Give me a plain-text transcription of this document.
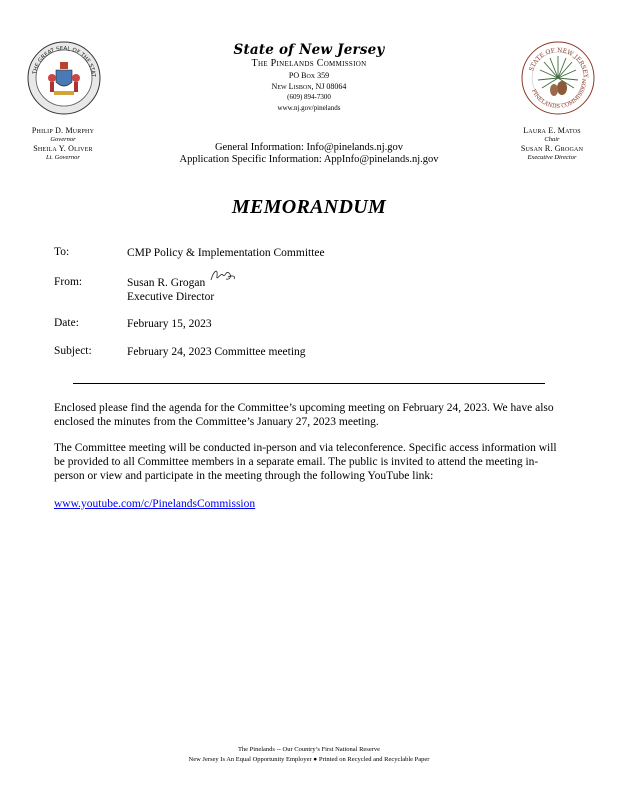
THE GREAT SEAL OF THE STAT
STATE OF NEW JERSEY
PINELANDS COMMISSION
State of New Jersey
The Pinelands Commission
PO Box 359
New Lisbon, NJ 08064
(609) 894-7300
www.nj.gov/pinelands
Philip D. Murphy
Governor
Sheila Y. Oliver
Lt. Governor
Laura E. Matos
Chair
Susan R. Grogan
Executive Director
General Information: Info@pinelands.nj.gov
Application Specific Information: AppInfo@pinelands.nj.gov
MEMORANDUM
To:	CMP Policy & Implementation Committee
From:	Susan R. Grogan
Executive Director
Date:	February 15, 2023
Subject:	February 24, 2023 Committee meeting
Enclosed please find the agenda for the Committee’s upcoming meeting on February 24, 2023. We have also enclosed the minutes from the Committee’s January 27, 2023 meeting.
The Committee meeting will be conducted in-person and via teleconference. Specific access information will be provided to all Committee members in a separate email. The public is invited to attend the meeting in-person or view and participate in the meeting through the following YouTube link:
www.youtube.com/c/PinelandsCommission
The Pinelands -- Our Country’s First National Reserve
New Jersey Is An Equal Opportunity Employer ● Printed on Recycled and Recyclable Paper
